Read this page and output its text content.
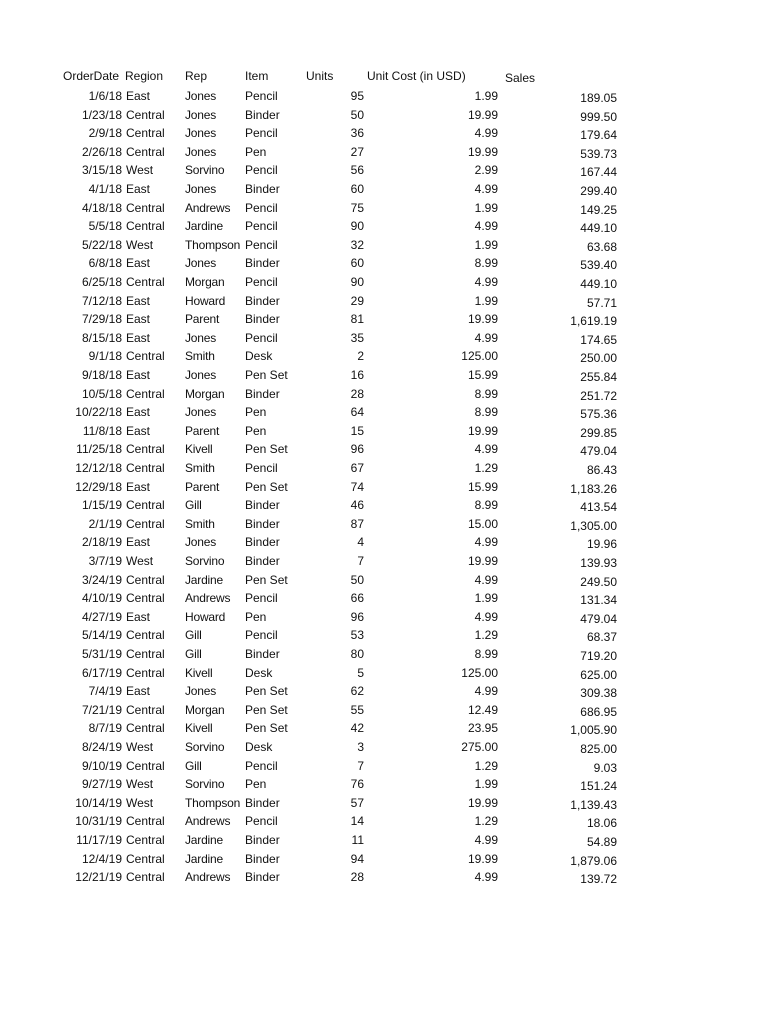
OrderDate Region Rep	Item	Units	Unit Cost (in USD)	Sales
1/6/18 East	Jones Pencil	95	1.99	189.05
1/23/18 Central Jones Binder	50	19.99	999.50
2/9/18 Central Jones Pencil	36	4.99	179.64
2/26/18 Central Jones Pen	27	19.99	539.73
3/15/18 West	Sorvino Pencil	56	2.99	167.44
4/1/18 East	Jones Binder	60	4.99	299.40
4/18/18 Central Andrews Pencil	75	1.99	149.25
5/5/18 Central Jardine Pencil	90	4.99	449.10
5/22/18 West	Thompson Pencil	32	1.99	63.68
6/8/18 East	Jones Binder	60	8.99	539.40
6/25/18 Central Morgan Pencil	90	4.99	449.10
7/12/18 East	Howard Binder	29	1.99	57.71
7/29/18 East	Parent Binder	81	19.99	1,619.19
8/15/18 East	Jones Pencil	35	4.99	174.65
9/1/18 Central Smith	Desk	2	125.00	250.00
9/18/18 East	Jones Pen Set	16	15.99	255.84
10/5/18 Central Morgan Binder	28	8.99	251.72
10/22/18 East	Jones Pen	64	8.99	575.36
11/8/18 East	Parent Pen	15	19.99	299.85
11/25/18 Central Kivell	Pen Set	96	4.99	479.04
12/12/18 Central Smith	Pencil	67	1.29	86.43
12/29/18 East	Parent Pen Set	74	15.99	1,183.26
1/15/19 Central Gill	Binder	46	8.99	413.54
2/1/19 Central Smith	Binder	87	15.00	1,305.00
2/18/19 East	Jones Binder	4	4.99	19.96
3/7/19 West	Sorvino Binder	7	19.99	139.93
3/24/19 Central Jardine Pen Set	50	4.99	249.50
4/10/19 Central Andrews Pencil	66	1.99	131.34
4/27/19 East	Howard Pen	96	4.99	479.04
5/14/19 Central Gill	Pencil	53	1.29	68.37
5/31/19 Central Gill	Binder	80	8.99	719.20
6/17/19 Central Kivell	Desk	5	125.00	625.00
7/4/19 East	Jones Pen Set	62	4.99	309.38
7/21/19 Central Morgan Pen Set	55	12.49	686.95
8/7/19 Central Kivell	Pen Set	42	23.95	1,005.90
8/24/19 West	Sorvino Desk	3	275.00	825.00
9/10/19 Central Gill	Pencil	7	1.29	9.03
9/27/19 West	Sorvino Pen	76	1.99	151.24
10/14/19 West	Thompson Binder	57	19.99	1,139.43
10/31/19 Central Andrews Pencil	14	1.29	18.06
11/17/19 Central Jardine Binder	11	4.99	54.89
12/4/19 Central Jardine Binder	94	19.99	1,879.06
12/21/19 Central Andrews Binder	28	4.99	139.72
